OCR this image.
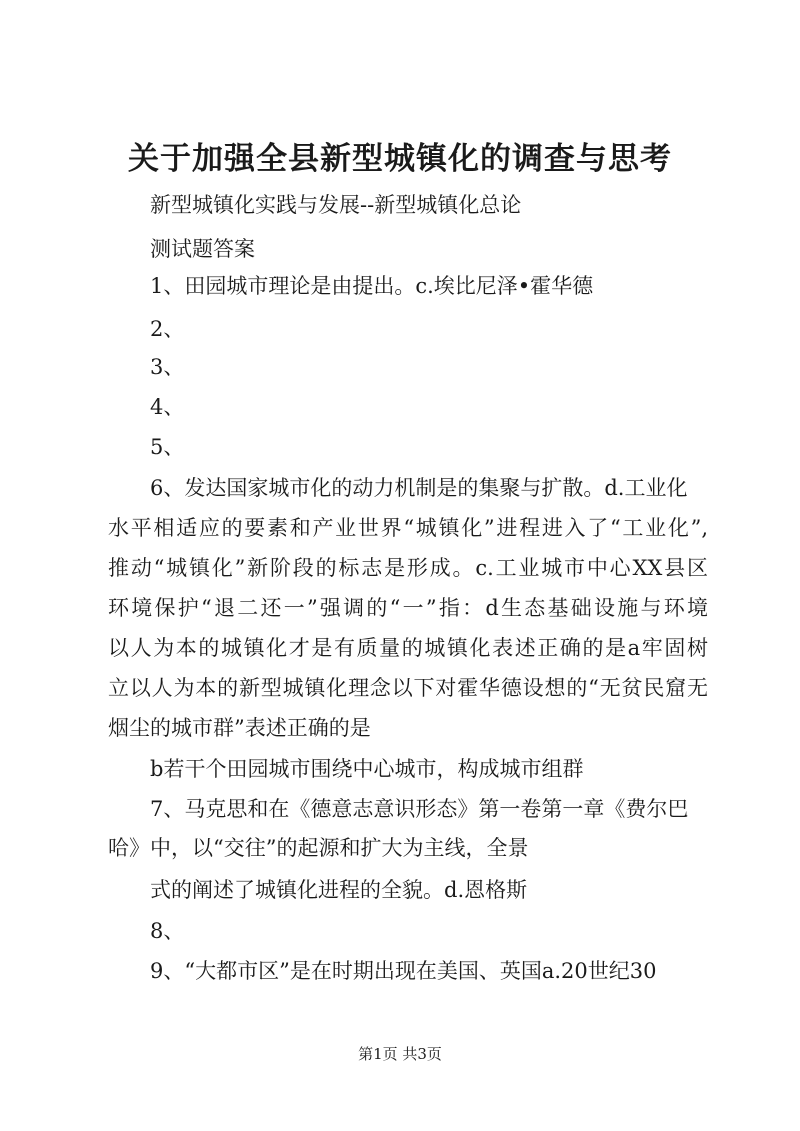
关于加强全县新型城镇化的调查与思考
新型城镇化实践与发展--新型城镇化总论
测试题答案
1、田园城市理论是由提出。c.埃比尼泽•霍华德
2、
3、
4、
5、
6、发达国家城市化的动力机制是的集聚与扩散。d.工业化
水平相适应的要素和产业世界“城镇化”进程进入了“工业化”,
推动“城镇化”新阶段的标志是形成。c.工业城市中心XX县区
环境保护“退二还一”强调的“一”指：d生态基础设施与环境
以人为本的城镇化才是有质量的城镇化表述正确的是a牢固树
立以人为本的新型城镇化理念以下对霍华德设想的“无贫民窟无
烟尘的城市群”表述正确的是
b若干个田园城市围绕中心城市，构成城市组群
7、马克思和在《德意志意识形态》第一卷第一章《费尔巴
哈》中，以“交往”的起源和扩大为主线，全景
式的阐述了城镇化进程的全貌。d.恩格斯
8、
9、“大都市区”是在时期出现在美国、英国a.20世纪30
第1页 共3页
